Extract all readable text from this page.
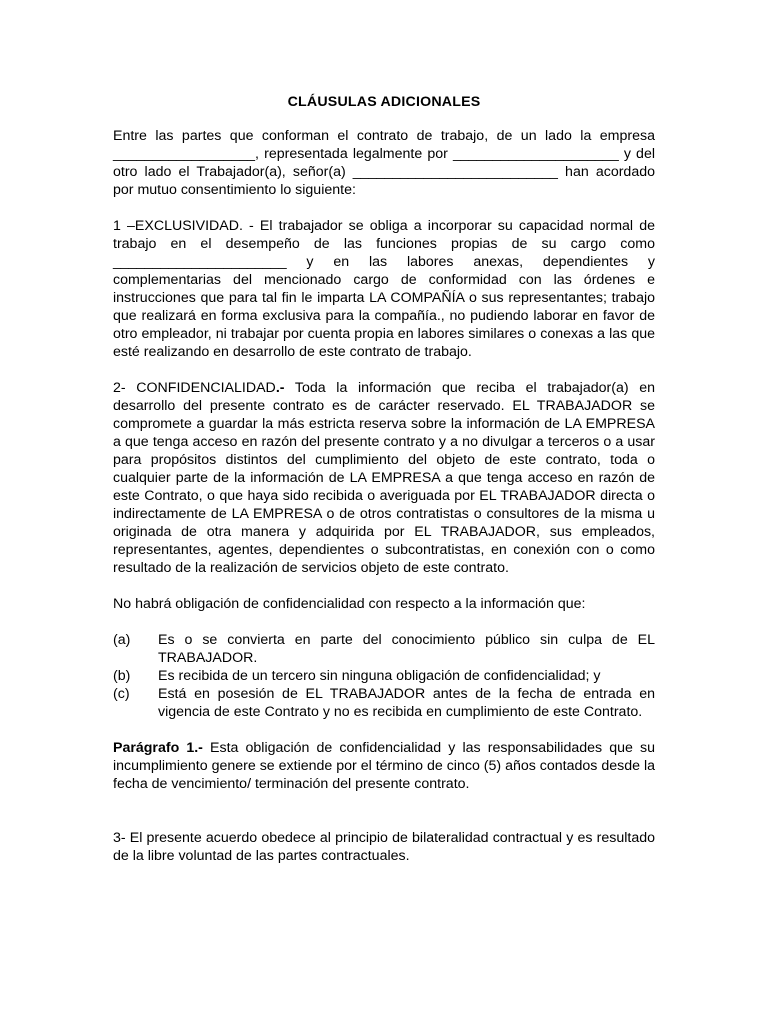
CLÁUSULAS ADICIONALES

Entre las partes que conforman el contrato de trabajo, de un lado la empresa __________________, representada legalmente por _____________________ y del otro lado el Trabajador(a), señor(a) __________________________ han acordado por mutuo consentimiento lo siguiente:

1 –EXCLUSIVIDAD. - El trabajador se obliga a incorporar su capacidad normal de trabajo en el desempeño de las funciones propias de su cargo como ______________________ y en las labores anexas, dependientes y complementarias del mencionado cargo de conformidad con las órdenes e instrucciones que para tal fin le imparta LA COMPAÑÍA o sus representantes; trabajo que realizará en forma exclusiva para la compañía., no pudiendo laborar en favor de otro empleador, ni trabajar por cuenta propia en labores similares o conexas a las que esté realizando en desarrollo de este contrato de trabajo.

2- CONFIDENCIALIDAD.- Toda la información que reciba el trabajador(a) en desarrollo del presente contrato es de carácter reservado. EL TRABAJADOR se compromete a guardar la más estricta reserva sobre la información de LA EMPRESA a que tenga acceso en razón del presente contrato y a no divulgar a terceros o a usar para propósitos distintos del cumplimiento del objeto de este contrato, toda o cualquier parte de la información de LA EMPRESA a que tenga acceso en razón de este Contrato, o que haya sido recibida o averiguada por EL TRABAJADOR directa o indirectamente de LA EMPRESA o de otros contratistas o consultores de la misma u originada de otra manera y adquirida por EL TRABAJADOR, sus empleados, representantes, agentes, dependientes o subcontratistas, en conexión con o como resultado de la realización de servicios objeto de este contrato.

No habrá obligación de confidencialidad con respecto a la información que:

(a)	Es o se convierta en parte del conocimiento público sin culpa de EL TRABAJADOR.
(b)	Es recibida de un tercero sin ninguna obligación de confidencialidad; y
(c)	Está en posesión de EL TRABAJADOR antes de la fecha de entrada en vigencia de este Contrato y no es recibida en cumplimiento de este Contrato.

Parágrafo 1.- Esta obligación de confidencialidad y las responsabilidades que su incumplimiento genere se extiende por el término de cinco (5) años contados desde la fecha de vencimiento/ terminación del presente contrato.

3- El presente acuerdo obedece al principio de bilateralidad contractual y es resultado de la libre voluntad de las partes contractuales.
